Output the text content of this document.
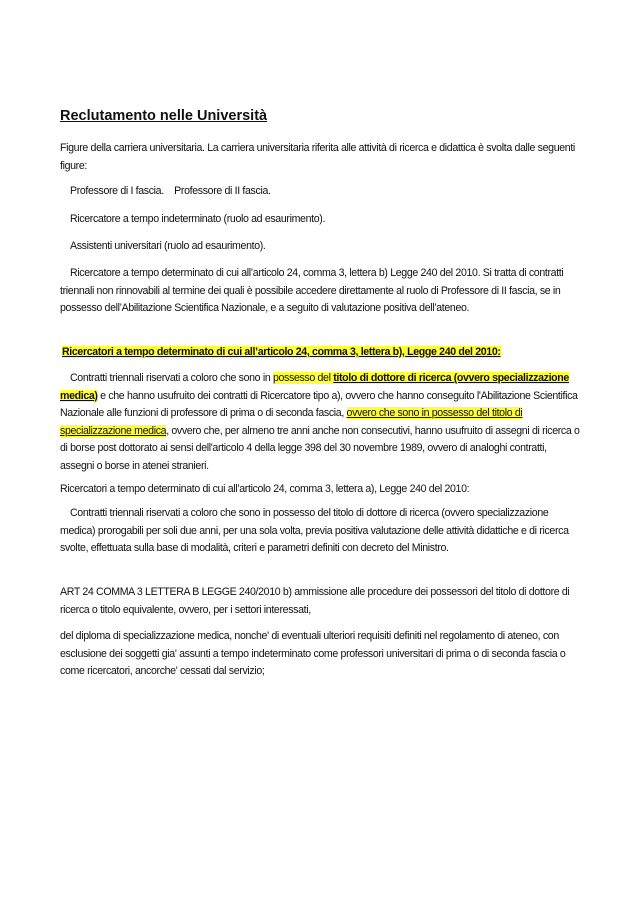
Reclutamento nelle Università

Figure della carriera universitaria. La carriera universitaria riferita alle attività di ricerca e didattica è svolta dalle seguenti figure:

Professore di I fascia.    Professore di II fascia.

Ricercatore a tempo indeterminato (ruolo ad esaurimento).

Assistenti universitari (ruolo ad esaurimento).

Ricercatore a tempo determinato di cui all’articolo 24, comma 3, lettera b) Legge 240 del 2010. Si tratta di contratti triennali non rinnovabili al termine dei quali è possibile accedere direttamente al ruolo di Professore di II fascia, se in possesso dell’Abilitazione Scientifica Nazionale, e a seguito di valutazione positiva dell’ateneo.

Ricercatori a tempo determinato di cui all’articolo 24, comma 3, lettera b), Legge 240 del 2010:

Contratti triennali riservati a coloro che sono in possesso del titolo di dottore di ricerca (ovvero specializzazione medica) e che hanno usufruito dei contratti di Ricercatore tipo a), ovvero che hanno conseguito l'Abilitazione Scientifica Nazionale alle funzioni di professore di prima o di seconda fascia, ovvero che sono in possesso del titolo di specializzazione medica, ovvero che, per almeno tre anni anche non consecutivi, hanno usufruito di assegni di ricerca o di borse post dottorato ai sensi dell'articolo 4 della legge 398 del 30 novembre 1989, ovvero di analoghi contratti, assegni o borse in atenei stranieri.

Ricercatori a tempo determinato di cui all’articolo 24, comma 3, lettera a), Legge 240 del 2010:

Contratti triennali riservati a coloro che sono in possesso del titolo di dottore di ricerca (ovvero specializzazione medica) prorogabili per soli due anni, per una sola volta, previa positiva valutazione delle attività didattiche e di ricerca svolte, effettuata sulla base di modalità, criteri e parametri definiti con decreto del Ministro.

ART 24 COMMA 3 LETTERA B LEGGE 240/2010 b) ammissione alle procedure dei possessori del titolo di dottore di ricerca o titolo equivalente, ovvero, per i settori interessati,

del diploma di specializzazione medica, nonche' di eventuali ulteriori requisiti definiti nel regolamento di ateneo, con esclusione dei soggetti gia' assunti a tempo indeterminato come professori universitari di prima o di seconda fascia o come ricercatori, ancorche' cessati dal servizio;
